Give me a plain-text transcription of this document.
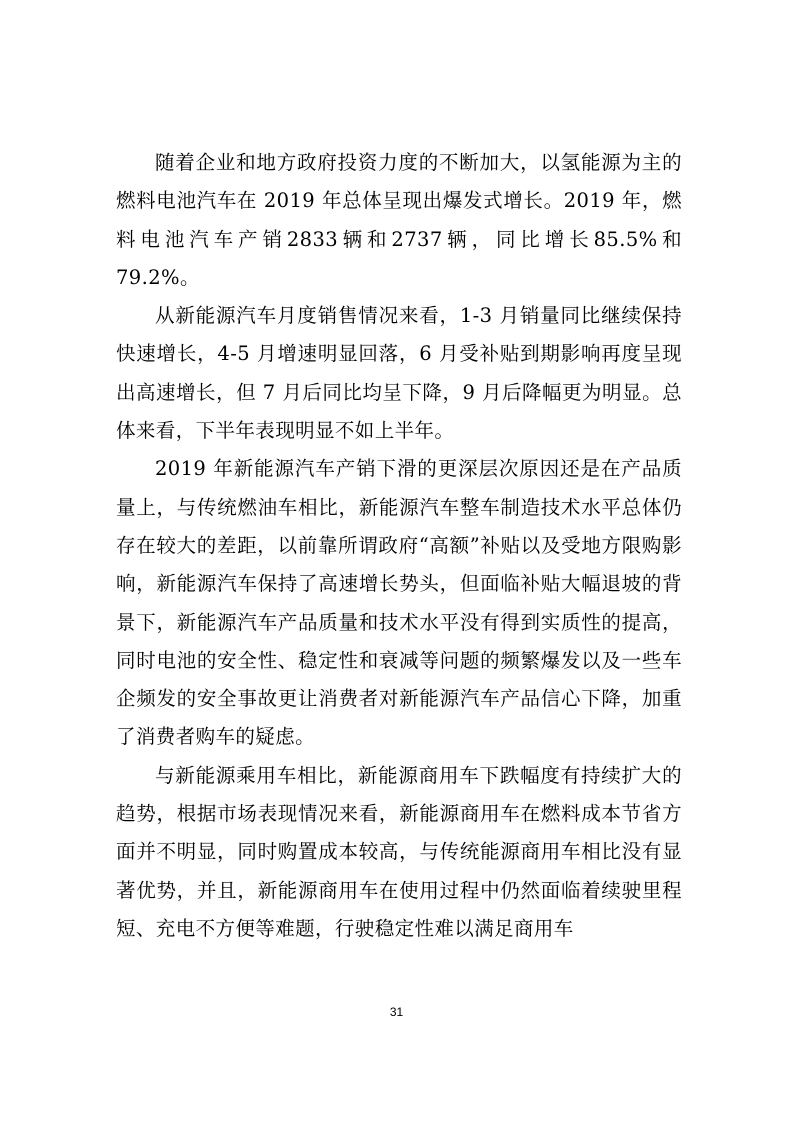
随着企业和地方政府投资力度的不断加大，以氢能源为主的燃料电池汽车在 2019 年总体呈现出爆发式增长。2019 年，燃料电池汽车产销2833辆和2737辆，同比增长85.5%和79.2%。

从新能源汽车月度销售情况来看，1-3 月销量同比继续保持快速增长，4-5 月增速明显回落，6 月受补贴到期影响再度呈现出高速增长，但 7 月后同比均呈下降，9 月后降幅更为明显。总体来看，下半年表现明显不如上半年。

2019 年新能源汽车产销下滑的更深层次原因还是在产品质量上，与传统燃油车相比，新能源汽车整车制造技术水平总体仍存在较大的差距，以前靠所谓政府“高额”补贴以及受地方限购影响，新能源汽车保持了高速增长势头，但面临补贴大幅退坡的背景下，新能源汽车产品质量和技术水平没有得到实质性的提高，同时电池的安全性、稳定性和衰减等问题的频繁爆发以及一些车企频发的安全事故更让消费者对新能源汽车产品信心下降，加重了消费者购车的疑虑。

与新能源乘用车相比，新能源商用车下跌幅度有持续扩大的趋势，根据市场表现情况来看，新能源商用车在燃料成本节省方面并不明显，同时购置成本较高，与传统能源商用车相比没有显著优势，并且，新能源商用车在使用过程中仍然面临着续驶里程短、充电不方便等难题，行驶稳定性难以满足商用车

31
